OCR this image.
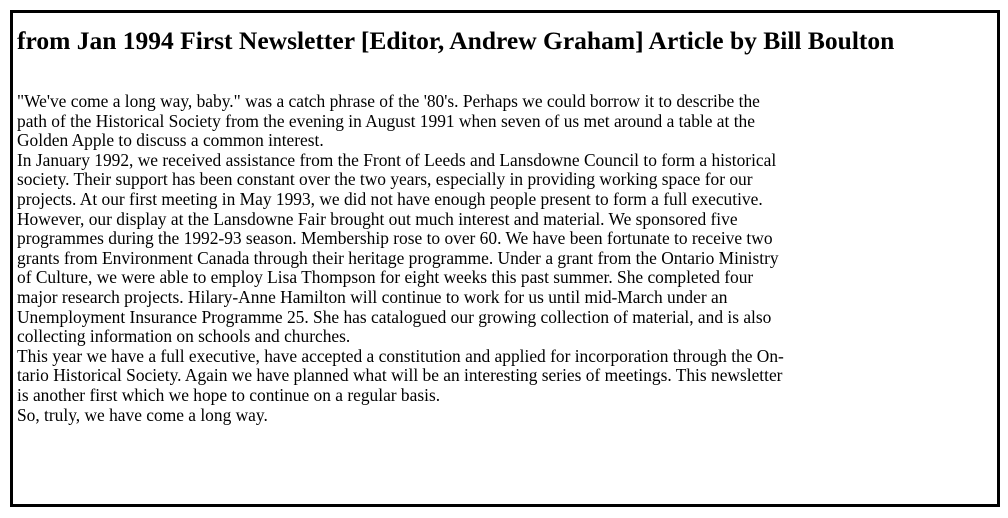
from Jan 1994 First Newsletter [Editor, Andrew Graham] Article by Bill Boulton
"We've come a long way, baby." was a catch phrase of the '80's. Perhaps we could borrow it to describe the
path of the Historical Society from the evening in August 1991 when seven of us met around a table at the
Golden Apple to discuss a common interest.
In January 1992, we received assistance from the Front of Leeds and Lansdowne Council to form a historical
society. Their support has been constant over the two years, especially in providing working space for our
projects. At our first meeting in May 1993, we did not have enough people present to form a full executive.
However, our display at the Lansdowne Fair brought out much interest and material. We sponsored five
programmes during the 1992-93 season. Membership rose to over 60. We have been fortunate to receive two
grants from Environment Canada through their heritage programme. Under a grant from the Ontario Ministry
of Culture, we were able to employ Lisa Thompson for eight weeks this past summer. She completed four
major research projects. Hilary-Anne Hamilton will continue to work for us until mid-March under an
Unemployment Insurance Programme 25. She has catalogued our growing collection of material, and is also
collecting information on schools and churches.
This year we have a full executive, have accepted a constitution and applied for incorporation through the On-
tario Historical Society. Again we have planned what will be an interesting series of meetings. This newsletter
is another first which we hope to continue on a regular basis.
So, truly, we have come a long way.
